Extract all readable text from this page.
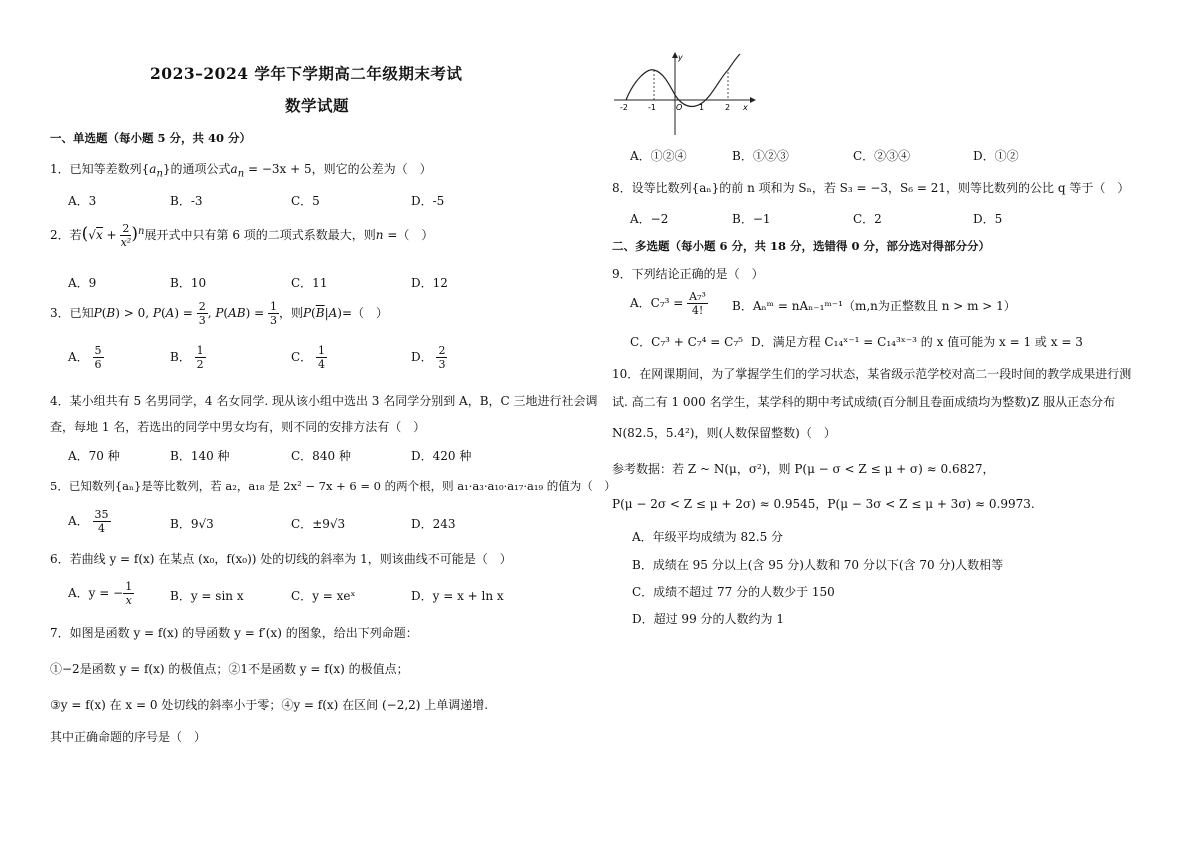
2023–2024 学年下学期高二年级期末考试
数学试题
一、单选题（每小题 5 分，共 40 分）
1．已知等差数列$\{a_n\}$的通项公式$a_n = -3x + 5$，则它的公差为（　）
A．3	B．-3	C．5	D．-5
2．若$(√x + \frac{2}{\text{x²}} )^n$展开式中只有第 6 项的二项式系数最大，则n =（　）
A．9	B．10	C．11	D．12
3．已知P(B) > 0, $P(A) = \frac{2}{3}$ , $P(AB) = \frac{1}{3}$ ，则$P(\overline{B}|A)=$（　）
A． $\frac{5}{6}$	B． $\frac{1}{2}$	C． $\frac{1}{4}$	D． $\frac{2}{3}$
4．某小组共有 5 名男同学，4 名女同学. 现从该小组中选出 3 名同学分别到 A，B，C 三地进行社会调
查，每地 1 名，若选出的同学中男女均有，则不同的安排方法有（　）
A．70 种	B．140 种	C．840 种	D．420 种
5．已知数列{aₙ}是等比数列，若 a₂，a₁₈ 是 2x² − 7x + 6 = 0 的两个根，则 a₁·a₃·a₁₀·a₁₇·a₁₉ 的值为（　）
A． $\frac{35}{4}$	B．9√3	C．±9√3	D．243
6．若曲线 y = f(x) 在某点 (x₀，f(x₀)) 处的切线的斜率为 1，则该曲线不可能是（　）
A．y = − $\frac{1}{x}$	B．y = sin x	C．y = xeˣ	D．y = x + ln x
7．如图是函数 y = f(x) 的导函数 y = f′(x) 的图象，给出下列命题：
①−2是函数 y = f(x) 的极值点；②1不是函数 y = f(x) 的极值点；
③y = f(x) 在 x = 0 处切线的斜率小于零；④y = f(x) 在区间 (−2,2) 上单调递增.
其中正确命题的序号是（　）
-2	-1	O 1	2 x
y
A．①②④	B．①②③	C．②③④	D．①②
8．设等比数列{aₙ}的前 n 项和为 Sₙ，若 S₃ = −3，S₆ = 21，则等比数列的公比 q 等于（　）
A．−2	B．−1	C．2	D．5
二、多选题（每小题 6 分，共 18 分，选错得 0 分，部分选对得部分分）
9．下列结论正确的是（　）
A．$C_7^3 = \frac{\text{A₇³}}{4!}$ B．Aₙᵐ = nAₙ₋₁ᵐ⁻¹（m,n为正整数且 n > m > 1）
C．C₇³ + C₇⁴ = C₇⁵ D．满足方程 C₁₄ˣ⁻¹ = C₁₄³ˣ⁻³ 的 x 值可能为 x = 1 或 x = 3
10．在网课期间，为了掌握学生们的学习状态，某省级示范学校对高二一段时间的教学成果进行测
试. 高二有 1 000 名学生，某学科的期中考试成绩(百分制且卷面成绩均为整数)Z 服从正态分布
N(82.5，5.4²)，则(人数保留整数)（　）
参考数据：若 Z ~ N(μ，σ²)，则 P(μ − σ < Z ≤ μ + σ) ≈ 0.6827，
P(μ − 2σ < Z ≤ μ + 2σ) ≈ 0.9545，P(μ − 3σ < Z ≤ μ + 3σ) ≈ 0.9973.
A．年级平均成绩为 82.5 分
B．成绩在 95 分以上(含 95 分)人数和 70 分以下(含 70 分)人数相等
C．成绩不超过 77 分的人数少于 150
D．超过 99 分的人数约为 1
